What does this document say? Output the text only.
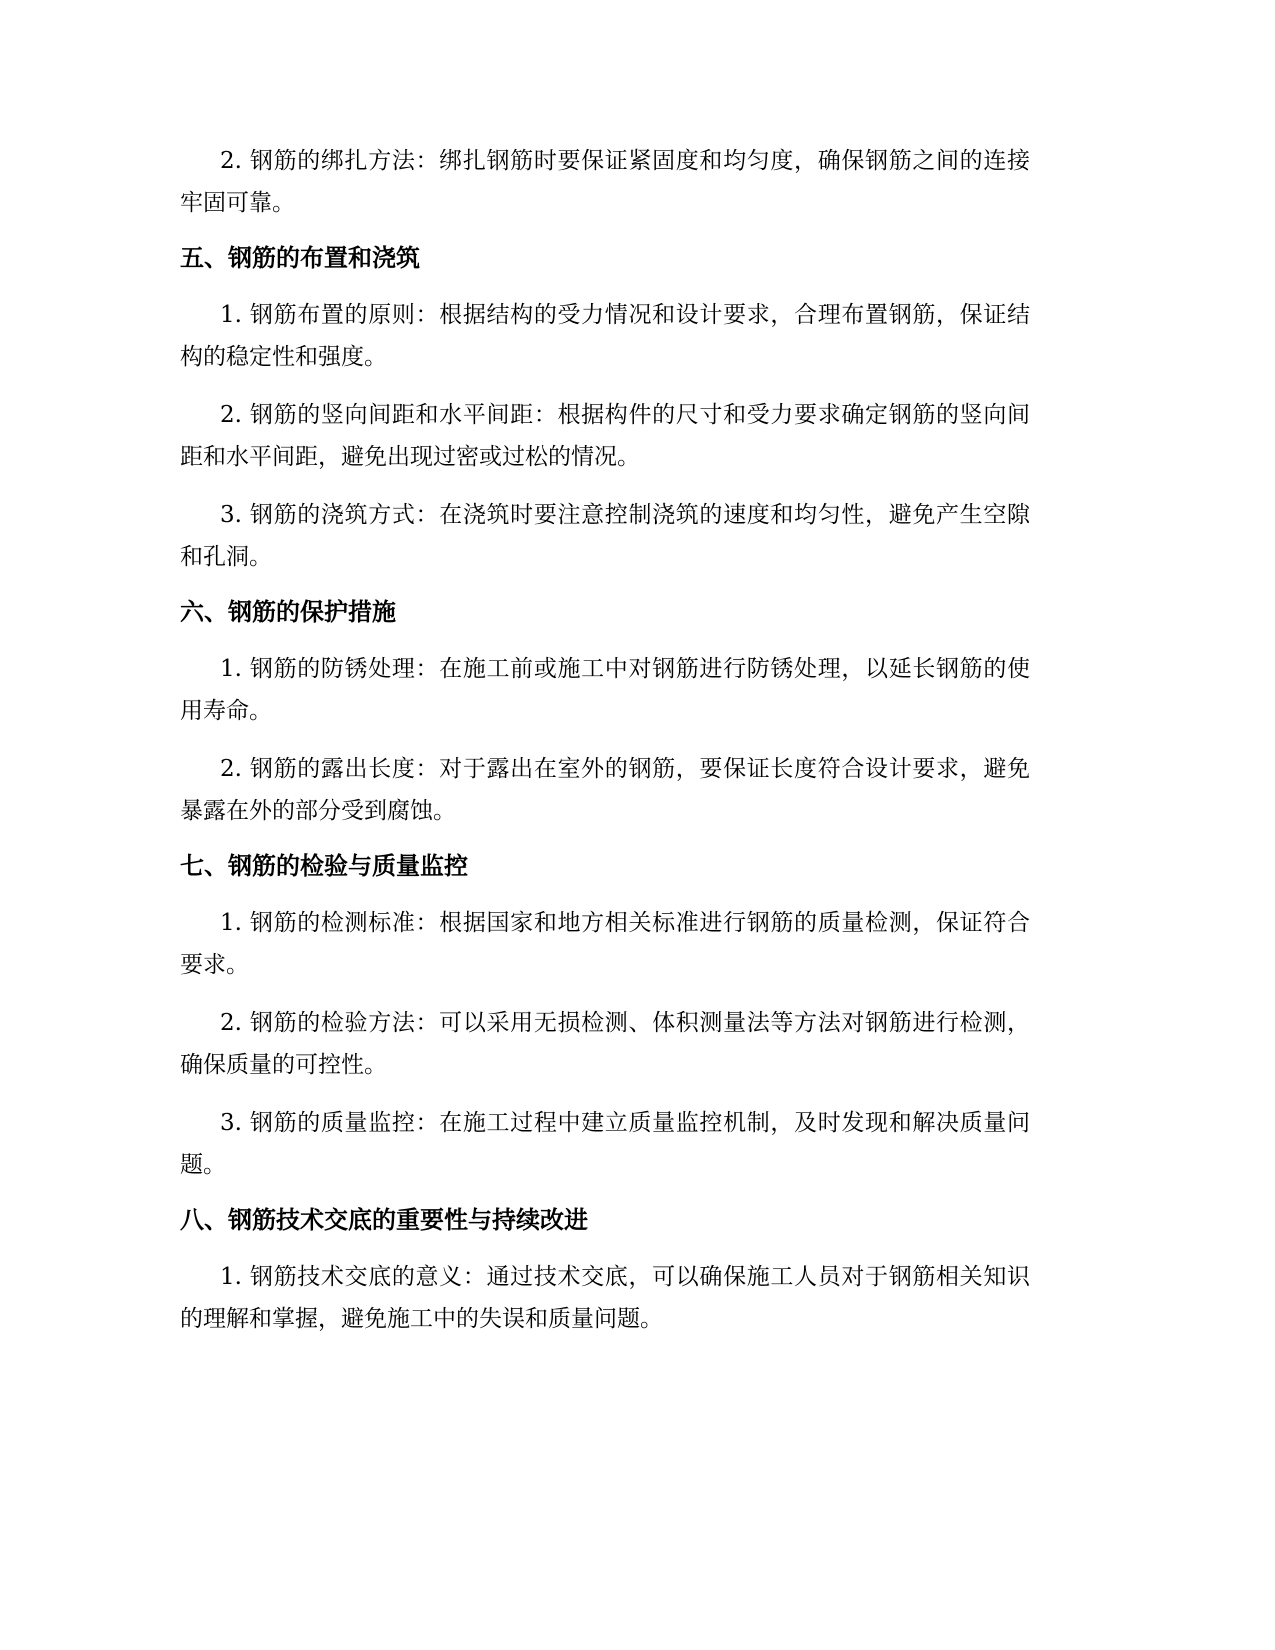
2. 钢筋的绑扎方法：绑扎钢筋时要保证紧固度和均匀度，确保钢筋之间的连接牢固可靠。

五、钢筋的布置和浇筑

1. 钢筋布置的原则：根据结构的受力情况和设计要求，合理布置钢筋，保证结构的稳定性和强度。

2. 钢筋的竖向间距和水平间距：根据构件的尺寸和受力要求确定钢筋的竖向间距和水平间距，避免出现过密或过松的情况。

3. 钢筋的浇筑方式：在浇筑时要注意控制浇筑的速度和均匀性，避免产生空隙和孔洞。

六、钢筋的保护措施

1. 钢筋的防锈处理：在施工前或施工中对钢筋进行防锈处理，以延长钢筋的使用寿命。

2. 钢筋的露出长度：对于露出在室外的钢筋，要保证长度符合设计要求，避免暴露在外的部分受到腐蚀。

七、钢筋的检验与质量监控

1. 钢筋的检测标准：根据国家和地方相关标准进行钢筋的质量检测，保证符合要求。

2. 钢筋的检验方法：可以采用无损检测、体积测量法等方法对钢筋进行检测，确保质量的可控性。

3. 钢筋的质量监控：在施工过程中建立质量监控机制，及时发现和解决质量问题。

八、钢筋技术交底的重要性与持续改进

1. 钢筋技术交底的意义：通过技术交底，可以确保施工人员对于钢筋相关知识的理解和掌握，避免施工中的失误和质量问题。
